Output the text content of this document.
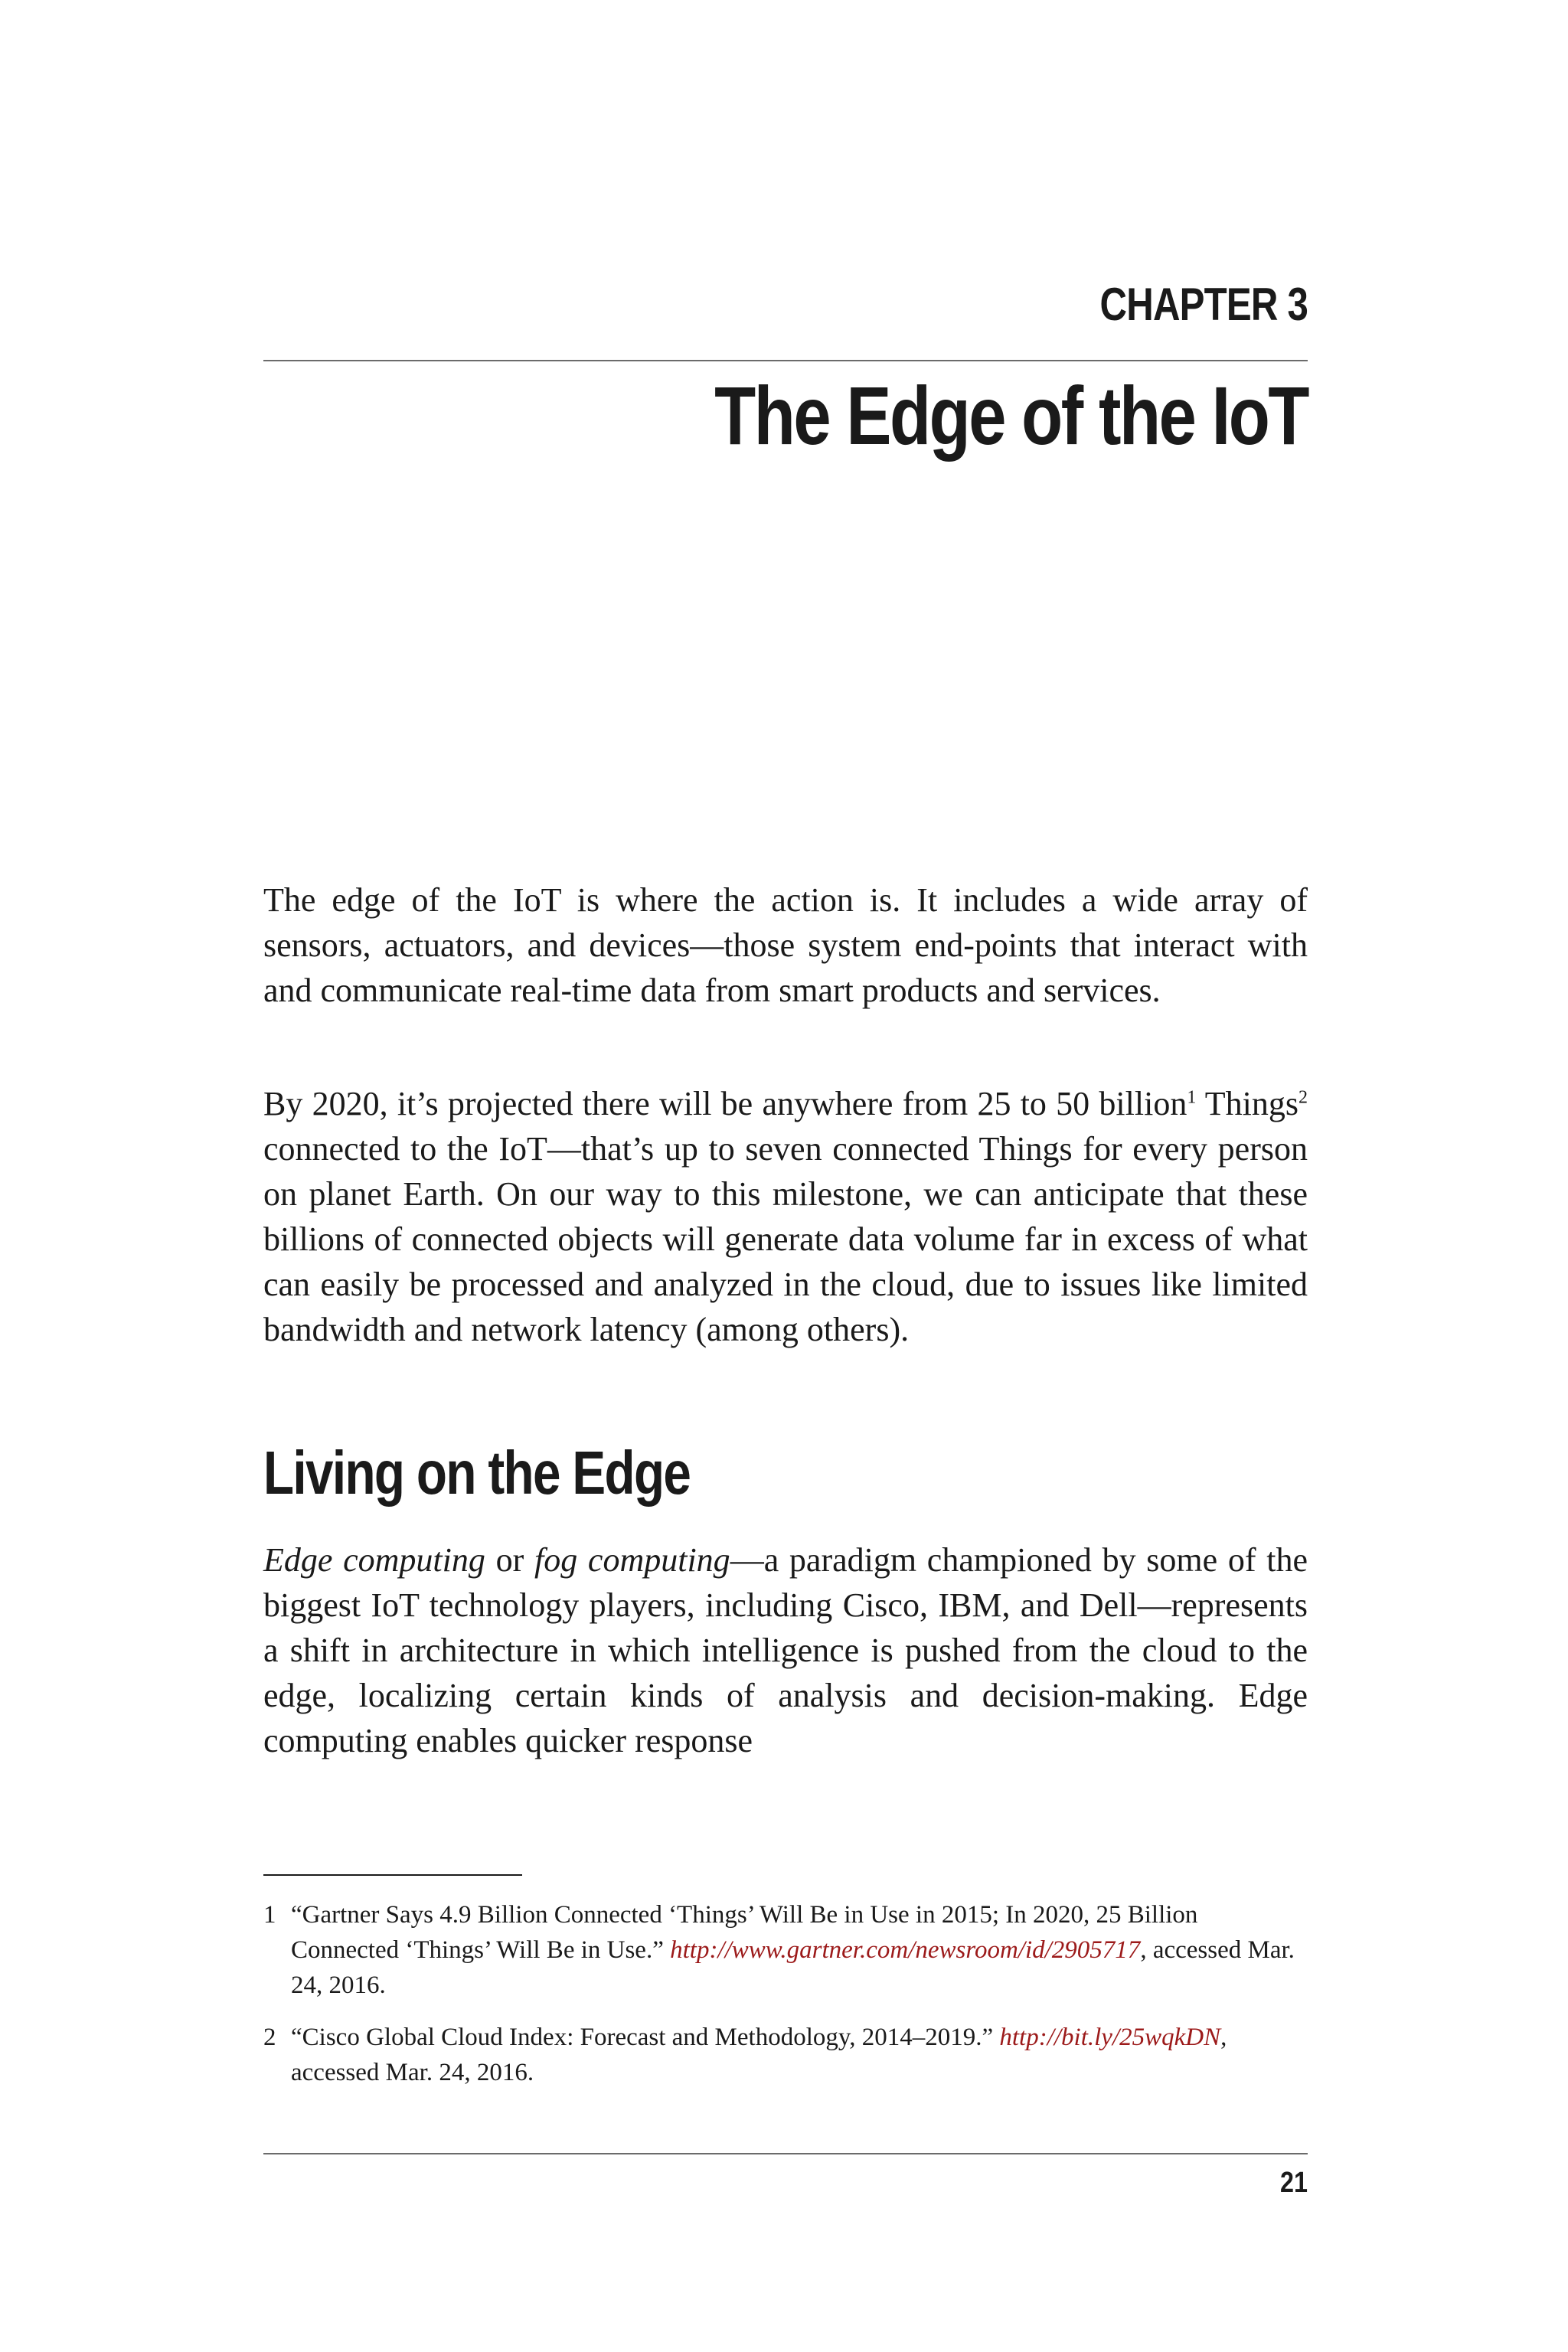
CHAPTER 3
The Edge of the IoT

The edge of the IoT is where the action is. It includes a wide array of sensors, actuators, and devices—those system end-points that interact with and communicate real-time data from smart products and services.

By 2020, it’s projected there will be anywhere from 25 to 50 billion$^1$ Things$^2$ connected to the IoT—that’s up to seven connected Things for every person on planet Earth. On our way to this milestone, we can anticipate that these billions of connected objects will generate data volume far in excess of what can easily be processed and analyzed in the cloud, due to issues like limited bandwidth and network latency (among others).

Living on the Edge

Edge computing or fog computing—a paradigm championed by some of the biggest IoT technology players, including Cisco, IBM, and Dell—represents a shift in architecture in which intelligence is pushed from the cloud to the edge, localizing certain kinds of analysis and decision-making. Edge computing enables quicker response

1 “Gartner Says 4.9 Billion Connected ‘Things’ Will Be in Use in 2015; In 2020, 25 Billion Connected ‘Things’ Will Be in Use.” http://www.gartner.com/newsroom/id/2905717, accessed Mar. 24, 2016.
2 “Cisco Global Cloud Index: Forecast and Methodology, 2014–2019.” http://bit.ly/25wqkDN, accessed Mar. 24, 2016.
21
